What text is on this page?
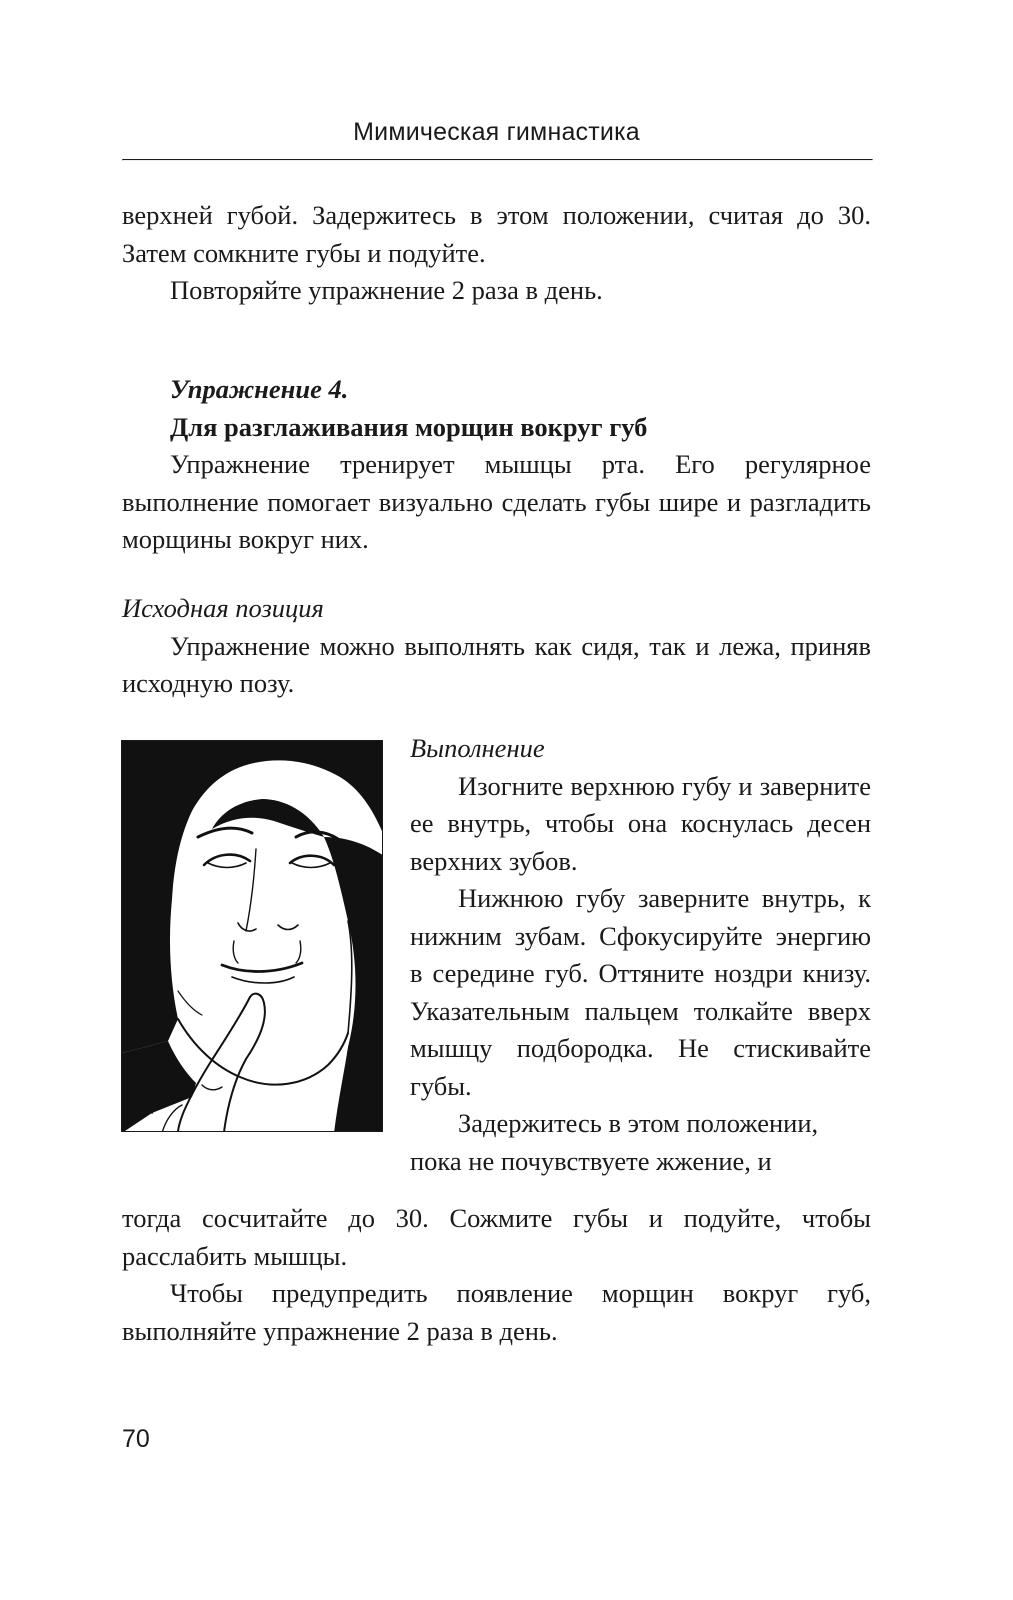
Мимическая гимнастика

верхней губой. Задержитесь в этом положении, считая до 30. Затем сомкните губы и подуйте.

Повторяйте упражнение 2 раза в день.

Упражнение 4.

Для разглаживания морщин вокруг губ

Упражнение тренирует мышцы рта. Его регулярное выполнение помогает визуально сделать губы шире и разгладить морщины вокруг них.

Исходная позиция

Упражнение можно выполнять как сидя, так и лежа, приняв исходную позу.

Выполнение

Изогните верхнюю губу и заверните ее внутрь, чтобы она коснулась десен верхних зубов.

Нижнюю губу заверните внутрь, к нижним зубам. Сфокусируйте энергию в середине губ. Оттяните ноздри книзу. Указательным пальцем толкайте вверх мышцу подбородка. Не стискивайте губы.

Задержитесь в этом положении,

пока не почувствуете жжение, и

тогда сосчитайте до 30. Сожмите губы и подуйте, чтобы расслабить мышцы.

Чтобы предупредить появление морщин вокруг губ, выполняйте упражнение 2 раза в день.

70
